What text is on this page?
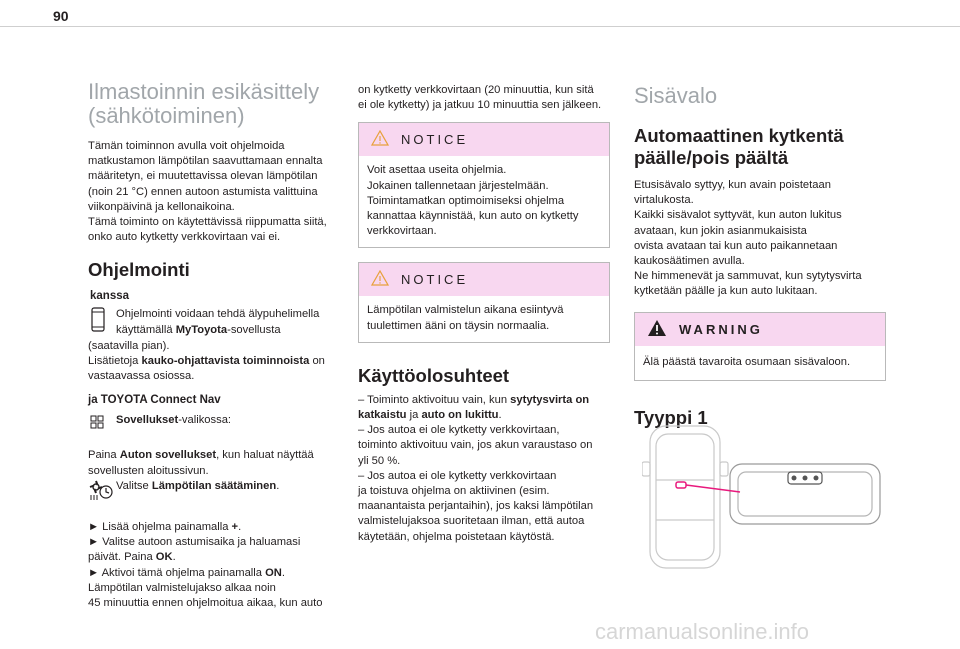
90
Ilmastoinnin esikäsittely
(sähkötoiminen)

Tämän toiminnon avulla voit ohjelmoida

matkustamon lämpötilan saavuttamaan ennalta

määritetyn, ei muutettavissa olevan lämpötilan

(noin 21 °C) ennen autoon astumista valittuina

viikonpäivinä ja kellonaikoina.

Tämä toiminto on käytettävissä riippumatta siitä,

onko auto kytketty verkkovirtaan vai ei.

Ohjelmointi
kanssa

Ohjelmointi voidaan tehdä älypuhelimella

käyttämällä MyToyota-sovellusta

(saatavilla pian).

Lisätietoja kauko-ohjattavista toiminnoista on

vastaavassa osiossa.

ja TOYOTA Connect Nav

Sovellukset-valikossa:

Paina Auton sovellukset, kun haluat näyttää

sovellusten aloitussivun.

Valitse Lämpötilan säätäminen.

► Lisää ohjelma painamalla +.

► Valitse autoon astumisaika ja haluamasi

päivät. Paina OK.

► Aktivoi tämä ohjelma painamalla ON.

Lämpötilan valmistelujakso alkaa noin

45 minuuttia ennen ohjelmoitua aikaa, kun auto

on kytketty verkkovirtaan (20 minuuttia, kun sitä

ei ole kytketty) ja jatkuu 10 minuuttia sen jälkeen.

NOTICE

Voit asettaa useita ohjelmia.

Jokainen tallennetaan järjestelmään.

Toimintamatkan optimoimiseksi ohjelma

kannattaa käynnistää, kun auto on kytketty

verkkovirtaan.

NOTICE

Lämpötilan valmistelun aikana esiintyvä

tuulettimen ääni on täysin normaalia.

Käyttöolosuhteet

– Toiminto aktivoituu vain, kun sytytysvirta on

katkaistu ja auto on lukittu.

– Jos autoa ei ole kytketty verkkovirtaan,

toiminto aktivoituu vain, jos akun varaustaso on

yli 50 %.

– Jos autoa ei ole kytketty verkkovirtaan

ja toistuva ohjelma on aktiivinen (esim.

maanantaista perjantaihin), jos kaksi lämpötilan

valmistelujaksoa suoritetaan ilman, että autoa

käytetään, ohjelma poistetaan käytöstä.

Sisävalo
Automaattinen kytkentä
päälle/pois päältä

Etusisävalo syttyy, kun avain poistetaan

virtalukosta.

Kaikki sisävalot syttyvät, kun auton lukitus

avataan, kun jokin asianmukaisista

ovista avataan tai kun auto paikannetaan

kaukosäätimen avulla.

Ne himmenevät ja sammuvat, kun sytytysvirta

kytketään päälle ja kun auto lukitaan.

WARNING

Älä päästä tavaroita osumaan sisävaloon.

Tyyppi 1
carmanualsonline.info
